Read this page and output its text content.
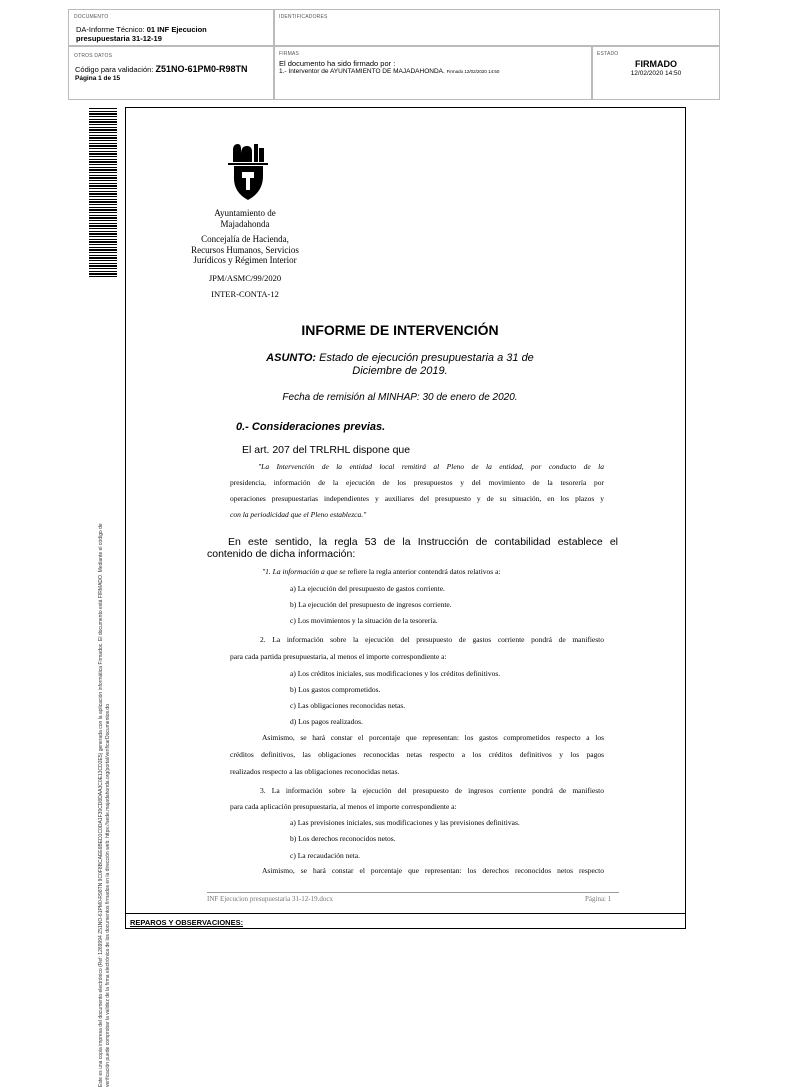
DOCUMENTO
DA-Informe Técnico: 01 INF Ejecucion
presupuestaria 31-12-19
IDENTIFICADORES
OTROS DATOS
Código para validación: Z51NO-61PM0-R98TN
Página 1 de 15
FIRMAS
El documento ha sido firmado por :
1.- Interventor de AYUNTAMIENTO DE MAJADAHONDA. Firmado 12/02/2020 14:50
ESTADO
FIRMADO
12/02/2020 14:50
Este es una copia impresa del documento electrónico (Ref: 1269994 Z51NO-61PM0-R98TN 9C0F8BCAEE6BED1C0DA1F39CD8DAA3C0E13CD2E5) generada con la aplicación informática Firmadoc. El documento está FIRMADO. Mediante el código de verificación puede comprobar la validez de la firma electrónica de los documentos firmados en la dirección web: https://sede.majadahonda.org/portal/verificarDocumentos.do
Ayuntamiento de
Majadahonda
Concejalía de Hacienda,
Recursos Humanos, Servicios
Jurídicos y Régimen Interior
JPM/ASMC/99/2020
INTER-CONTA-12
INFORME DE INTERVENCIÓN
ASUNTO: Estado de ejecución presupuestaria a 31 de
Diciembre de 2019.
Fecha de remisión al MINHAP: 30 de enero de 2020.
0.- Consideraciones previas.
El art. 207 del TRLRHL dispone que
"La Intervención de la entidad local remitirá al Pleno de la entidad, por conducto de la
presidencia, información de la ejecución de los presupuestos y del movimiento de la tesorería por
operaciones presupuestarias independientes y auxiliares del presupuesto y de su situación, en los plazos y
con la periodicidad que el Pleno establezca."
En este sentido, la regla 53 de la Instrucción de contabilidad establece el
contenido de dicha información:
"1. La información a que se refiere la regla anterior contendrá datos relativos a:
a) La ejecución del presupuesto de gastos corriente.
b) La ejecución del presupuesto de ingresos corriente.
c) Los movimientos y la situación de la tesorería.
2. La información sobre la ejecución del presupuesto de gastos corriente pondrá de manifiesto
para cada partida presupuestaria, al menos el importe correspondiente a:
a) Los créditos iniciales, sus modificaciones y los créditos definitivos.
b) Los gastos comprometidos.
c) Las obligaciones reconocidas netas.
d) Los pagos realizados.
Asimismo, se hará constar el porcentaje que representan: los gastos comprometidos respecto a los
créditos definitivos, las obligaciones reconocidas netas respecto a los créditos definitivos y los pagos
realizados respecto a las obligaciones reconocidas netas.
3. La información sobre la ejecución del presupuesto de ingresos corriente pondrá de manifiesto
para cada aplicación presupuestaria, al menos el importe correspondiente a:
a) Las previsiones iniciales, sus modificaciones y las previsiones definitivas.
b) Los derechos reconocidos netos.
c) La recaudación neta.
Asimismo, se hará constar el porcentaje que representan: los derechos reconocidos netos respecto
INF Ejecucion presupuestaria 31-12-19.docx	Página: 1
REPAROS Y OBSERVACIONES:
